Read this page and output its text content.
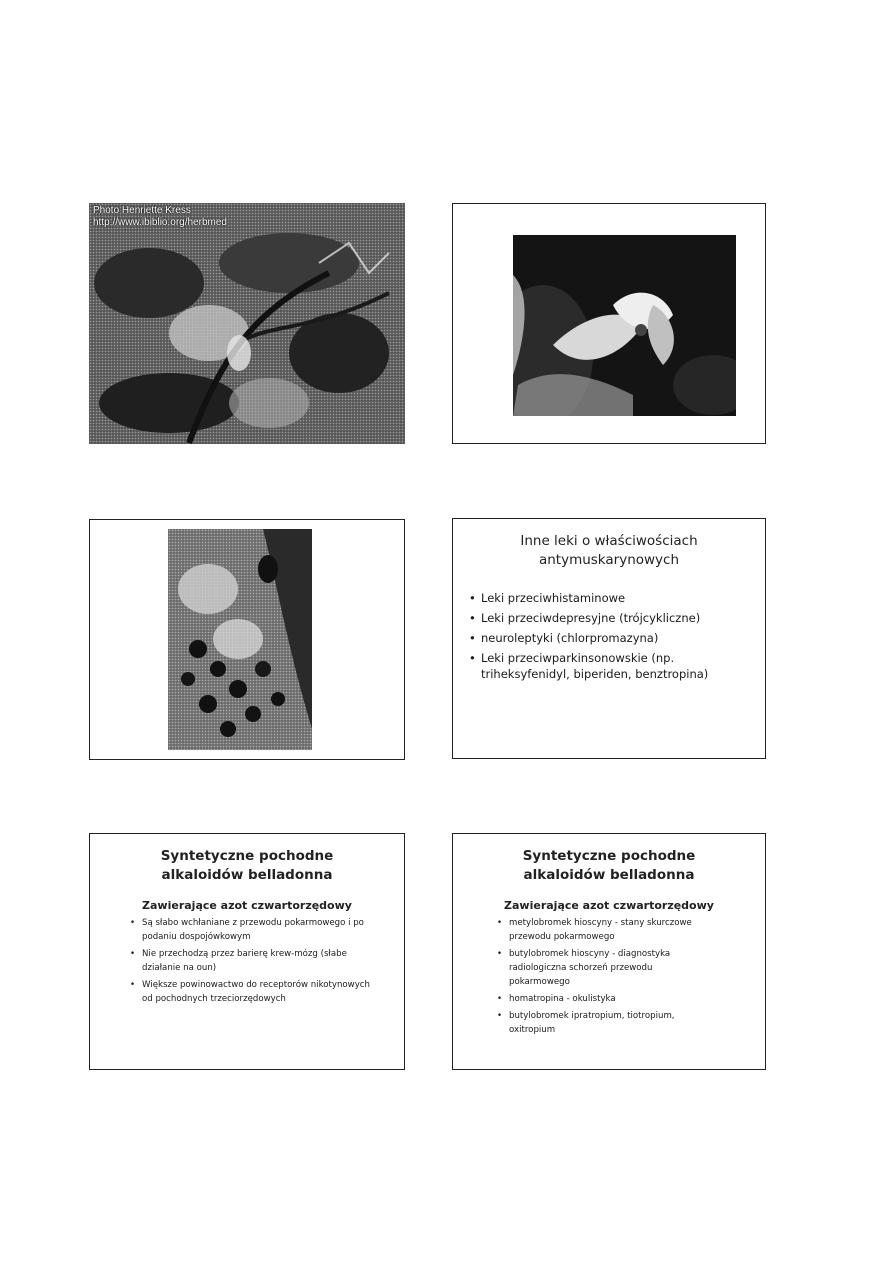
Photo Henriette Kress
http://www.ibiblio.org/herbmed
Inne leki o właściwościach antymuskarynowych
• Leki przeciwhistaminowe
• Leki przeciwdepresyjne (trójcykliczne)
• neuroleptyki (chlorpromazyna)
• Leki przeciwparkinsonowskie (np. triheksyfenidyl, biperiden, benztropina)
Syntetyczne pochodne alkaloidów belladonna
Zawierające azot czwartorzędowy
• Są słabo wchłaniane z przewodu pokarmowego i po podaniu dospojówkowym
• Nie przechodzą przez barierę krew-mózg (słabe działanie na oun)
• Większe powinowactwo do receptorów nikotynowych od pochodnych trzeciorzędowych
Syntetyczne pochodne alkaloidów belladonna
Zawierające azot czwartorzędowy
• metylobromek hioscyny - stany skurczowe przewodu pokarmowego
• butylobromek hioscyny - diagnostyka radiologiczna schorzeń przewodu pokarmowego
• homatropina - okulistyka
• butylobromek ipratropium, tiotropium, oxitropium
